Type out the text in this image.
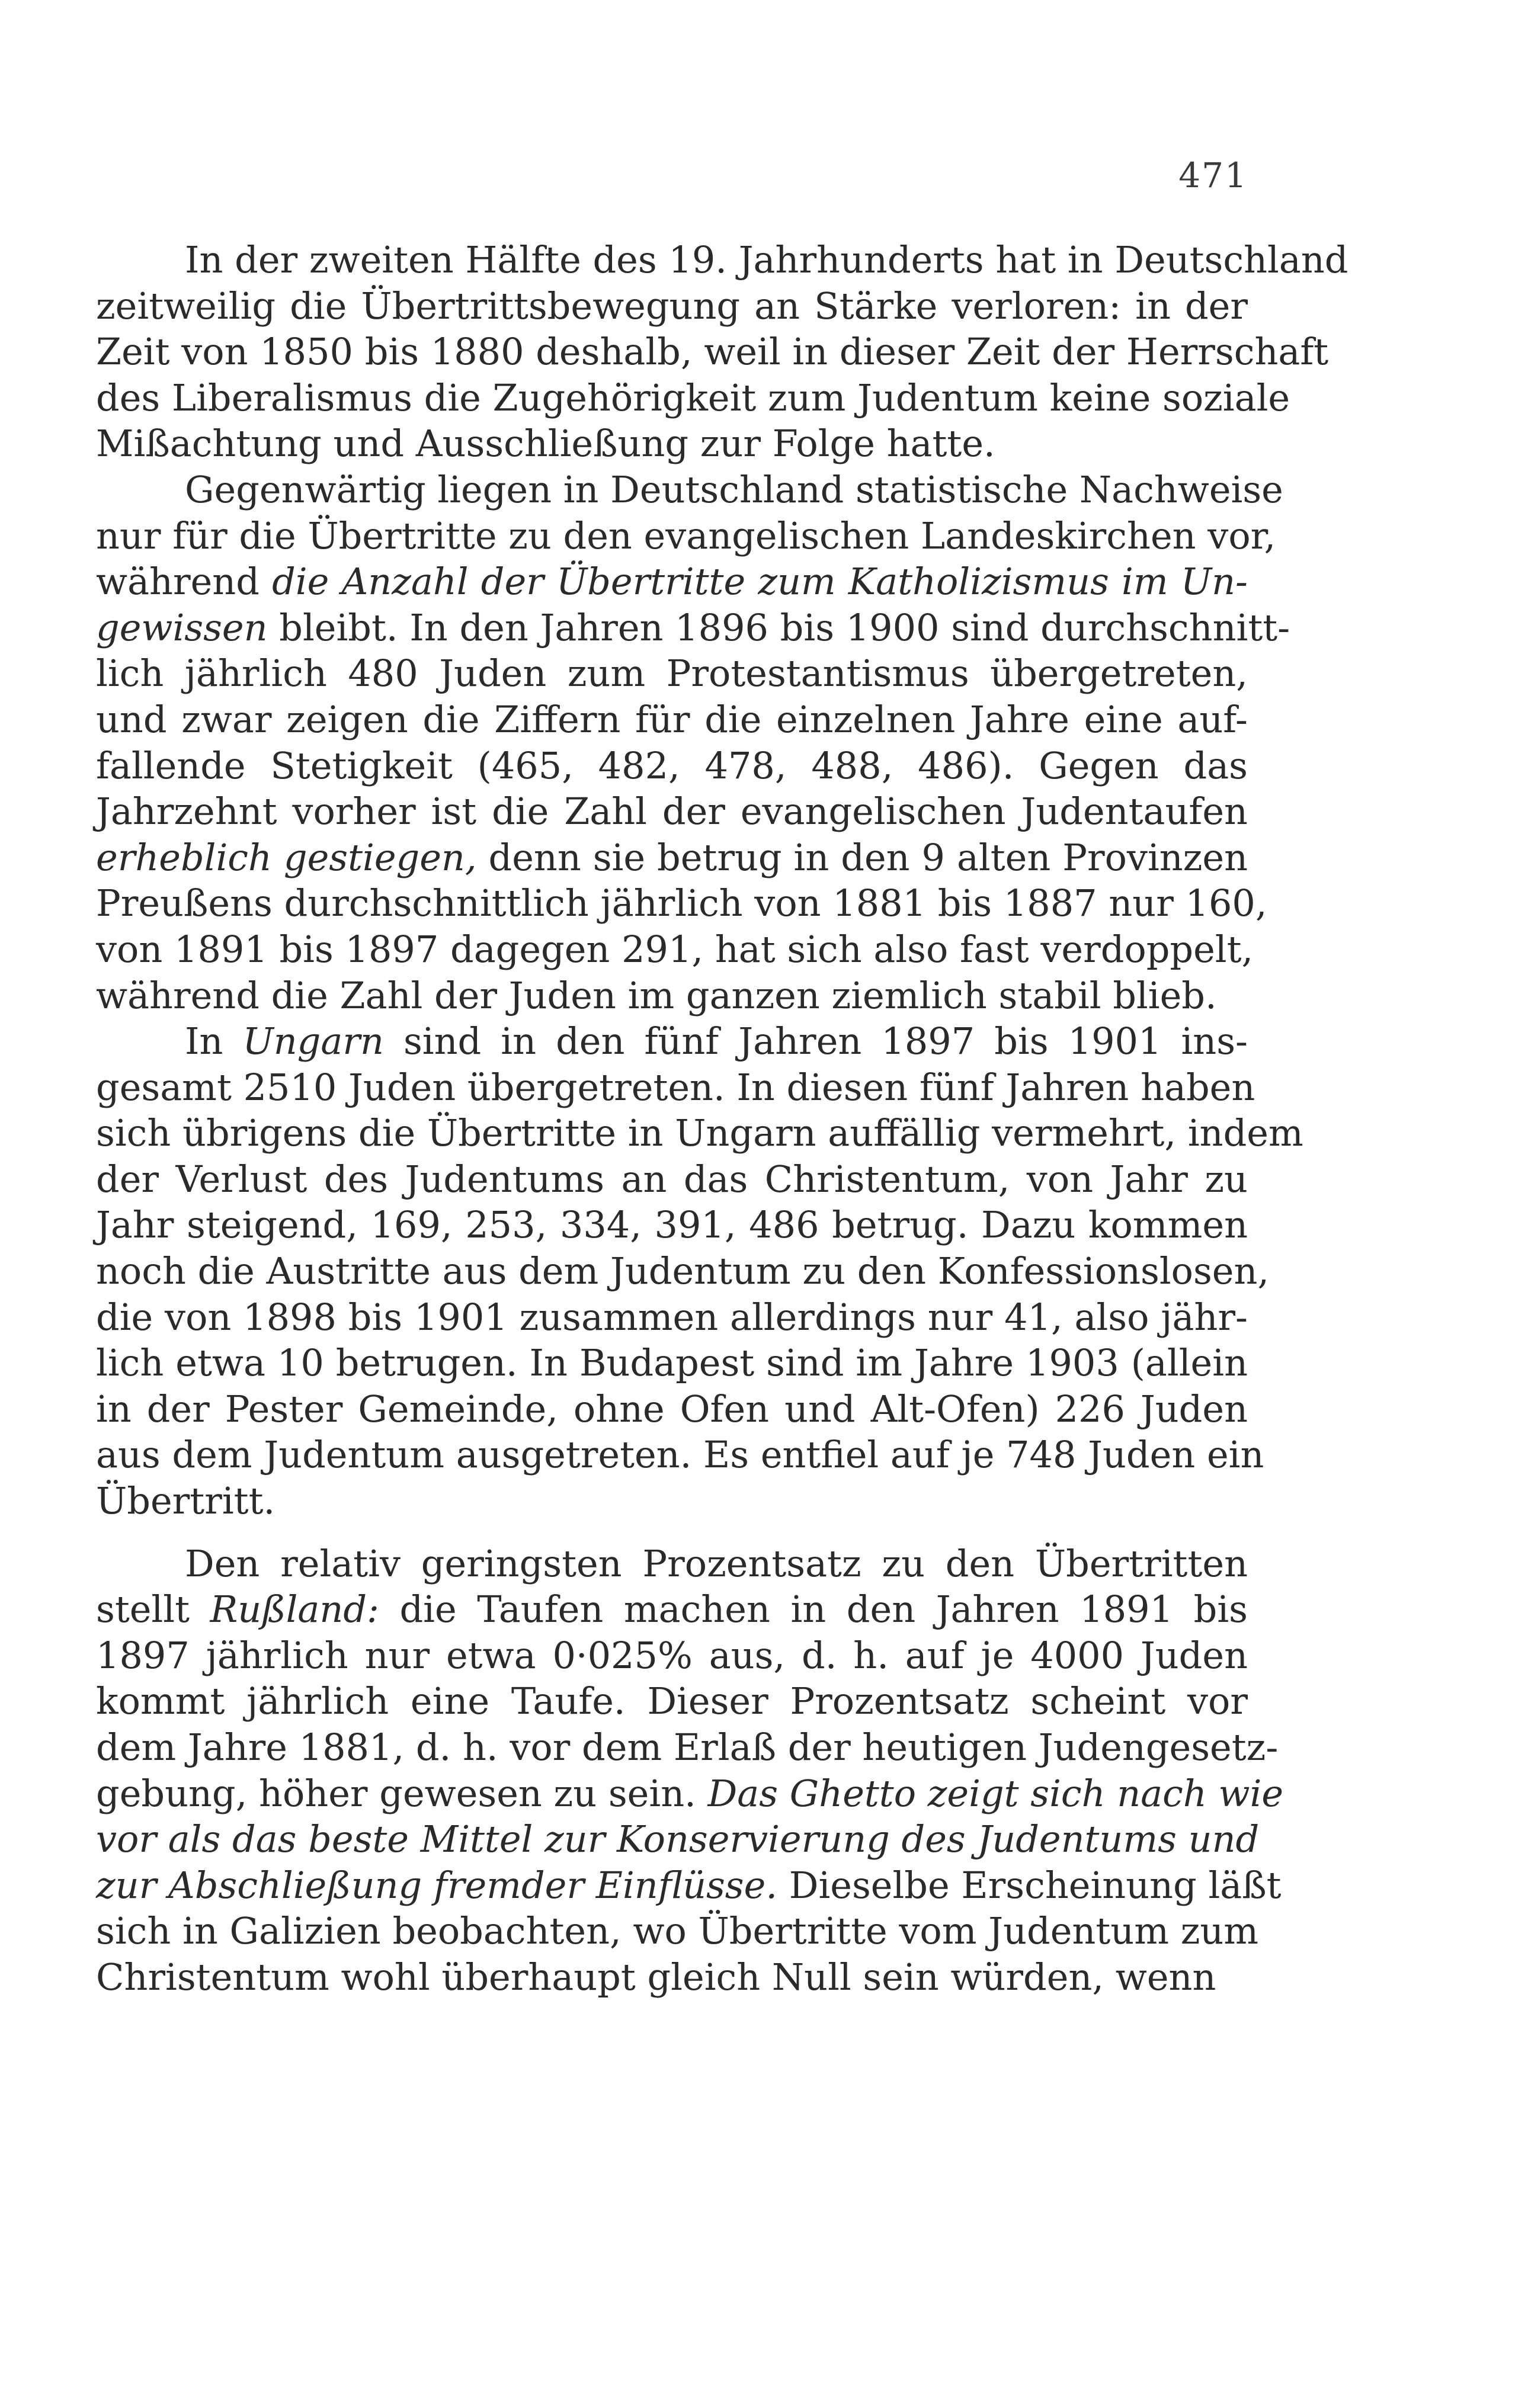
471
In der zweiten Hälfte des 19. Jahrhunderts hat in Deutschland
zeitweilig die Übertrittsbewegung an Stärke verloren: in der
Zeit von 1850 bis 1880 deshalb, weil in dieser Zeit der Herrschaft
des Liberalismus die Zugehörigkeit zum Judentum keine soziale
Mißachtung und Ausschließung zur Folge hatte.
Gegenwärtig liegen in Deutschland statistische Nachweise
nur für die Übertritte zu den evangelischen Landeskirchen vor,
während die Anzahl der Übertritte zum Katholizismus im Un-
gewissen bleibt. In den Jahren 1896 bis 1900 sind durchschnitt-
lich jährlich 480 Juden zum Protestantismus übergetreten,
und zwar zeigen die Ziffern für die einzelnen Jahre eine auf-
fallende Stetigkeit (465, 482, 478, 488, 486). Gegen das
Jahrzehnt vorher ist die Zahl der evangelischen Judentaufen
erheblich gestiegen, denn sie betrug in den 9 alten Provinzen
Preußens durchschnittlich jährlich von 1881 bis 1887 nur 160,
von 1891 bis 1897 dagegen 291, hat sich also fast verdoppelt,
während die Zahl der Juden im ganzen ziemlich stabil blieb.
In Ungarn sind in den fünf Jahren 1897 bis 1901 ins-
gesamt 2510 Juden übergetreten. In diesen fünf Jahren haben
sich übrigens die Übertritte in Ungarn auffällig vermehrt, indem
der Verlust des Judentums an das Christentum, von Jahr zu
Jahr steigend, 169, 253, 334, 391, 486 betrug. Dazu kommen
noch die Austritte aus dem Judentum zu den Konfessionslosen,
die von 1898 bis 1901 zusammen allerdings nur 41, also jähr-
lich etwa 10 betrugen. In Budapest sind im Jahre 1903 (allein
in der Pester Gemeinde, ohne Ofen und Alt-Ofen) 226 Juden
aus dem Judentum ausgetreten. Es entfiel auf je 748 Juden ein
Übertritt.
Den relativ geringsten Prozentsatz zu den Übertritten
stellt Rußland: die Taufen machen in den Jahren 1891 bis
1897 jährlich nur etwa 0·025% aus, d. h. auf je 4000 Juden
kommt jährlich eine Taufe. Dieser Prozentsatz scheint vor
dem Jahre 1881, d. h. vor dem Erlaß der heutigen Judengesetz-
gebung, höher gewesen zu sein. Das Ghetto zeigt sich nach wie
vor als das beste Mittel zur Konservierung des Judentums und
zur Abschließung fremder Einflüsse. Dieselbe Erscheinung läßt
sich in Galizien beobachten, wo Übertritte vom Judentum zum
Christentum wohl überhaupt gleich Null sein würden, wenn
